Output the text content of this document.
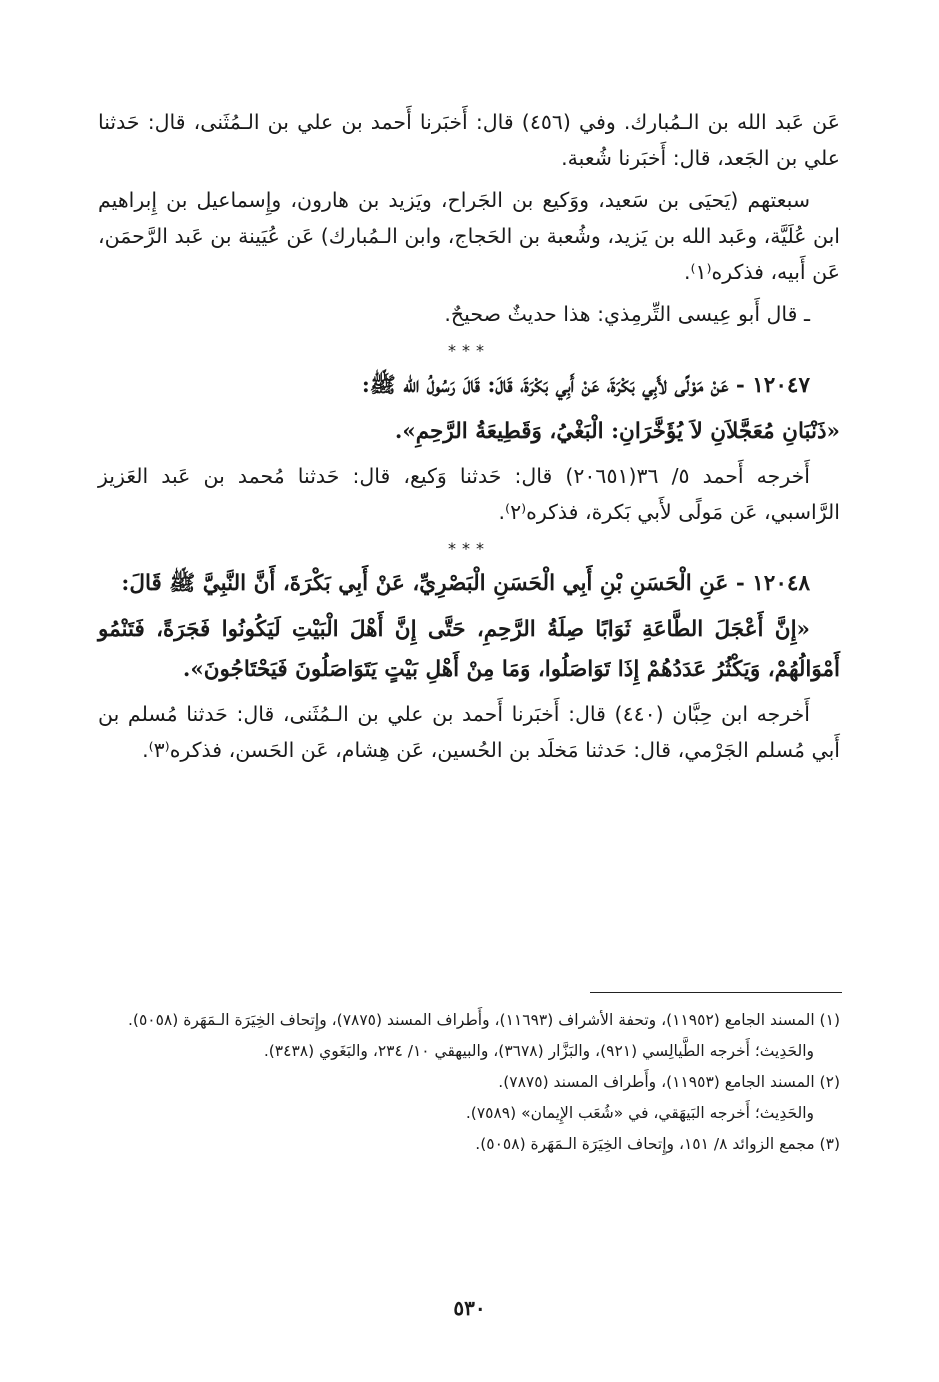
عَن عَبد الله بن الـمُبارك. وفي (٤٥٦) قال: أَخبَرنا أَحمد بن علي بن الـمُثَنى، قال: حَدثنا علي بن الجَعد، قال: أَخبَرنا شُعبة.

سبعتهم (يَحيَى بن سَعيد، ووَكيع بن الجَراح، ويَزيد بن هارون، وإِسماعيل بن إِبراهيم ابن عُلَيَّة، وعَبد الله بن يَزيد، وشُعبة بن الحَجاج، وابن الـمُبارك) عَن عُيَينة بن عَبد الرَّحمَن، عَن أَبيه، فذكره⁽١⁾.

ـ قال أَبو عِيسى التِّرمِذي: هذا حديثٌ صحيحٌ.

***

١٢٠٤٧ - عَنْ مَوْلًى لأَبِي بَكْرَةَ، عَنْ أَبِي بَكْرَةَ، قَالَ: قَالَ رَسُولُ الله ﷺ:

«ذَنْبَانِ مُعَجَّلاَنِ لاَ يُؤَخَّرَانِ: الْبَغْيُ، وَقَطِيعَةُ الرَّحِمِ».

أَخرجه أَحمد ٥/ ٣٦(٢٠٦٥١) قال: حَدثنا وَكيع، قال: حَدثنا مُحمد بن عَبد العَزيز الرَّاسبي، عَن مَولًى لأَبي بَكرة، فذكره⁽٢⁾.

***

١٢٠٤٨ - عَنِ الْحَسَنِ بْنِ أَبِي الْحَسَنِ الْبَصْرِيِّ، عَنْ أَبِي بَكْرَةَ، أَنَّ النَّبِيَّ ﷺ قَالَ:

«إِنَّ أَعْجَلَ الطَّاعَةِ ثَوَابًا صِلَةُ الرَّحِمِ، حَتَّى إِنَّ أَهْلَ الْبَيْتِ لَيَكُونُوا فَجَرَةً، فَتَنْمُو أَمْوَالُهُمْ، وَيَكْثُرُ عَدَدُهُمْ إِذَا تَوَاصَلُوا، وَمَا مِنْ أَهْلِ بَيْتٍ يَتَوَاصَلُونَ فَيَحْتَاجُونَ».

أَخرجه ابن حِبَّان (٤٤٠) قال: أَخبَرنا أَحمد بن علي بن الـمُثَنى، قال: حَدثنا مُسلم بن أَبي مُسلم الجَرْمي، قال: حَدثنا مَخلَد بن الحُسين، عَن هِشام، عَن الحَسن، فذكره⁽٣⁾.

(١) المسند الجامع (١١٩٥٢)، وتحفة الأشراف (١١٦٩٣)، وأَطراف المسند (٧٨٧٥)، وإِتحاف الخِيَرَة الـمَهَرة (٥٠٥٨).

والحَدِيث؛ أَخرجه الطَّيالِسي (٩٢١)، والبَزَّار (٣٦٧٨)، والبيهقي ١٠/ ٢٣٤، والبَغَوي (٣٤٣٨).

(٢) المسند الجامع (١١٩٥٣)، وأَطراف المسند (٧٨٧٥).

والحَدِيث؛ أَخرجه البَيهَقي، في «شُعَب الإِيمان» (٧٥٨٩).

(٣) مجمع الزوائد ٨/ ١٥١، وإِتحاف الخِيَرَة الـمَهَرة (٥٠٥٨).

٥٣٠
